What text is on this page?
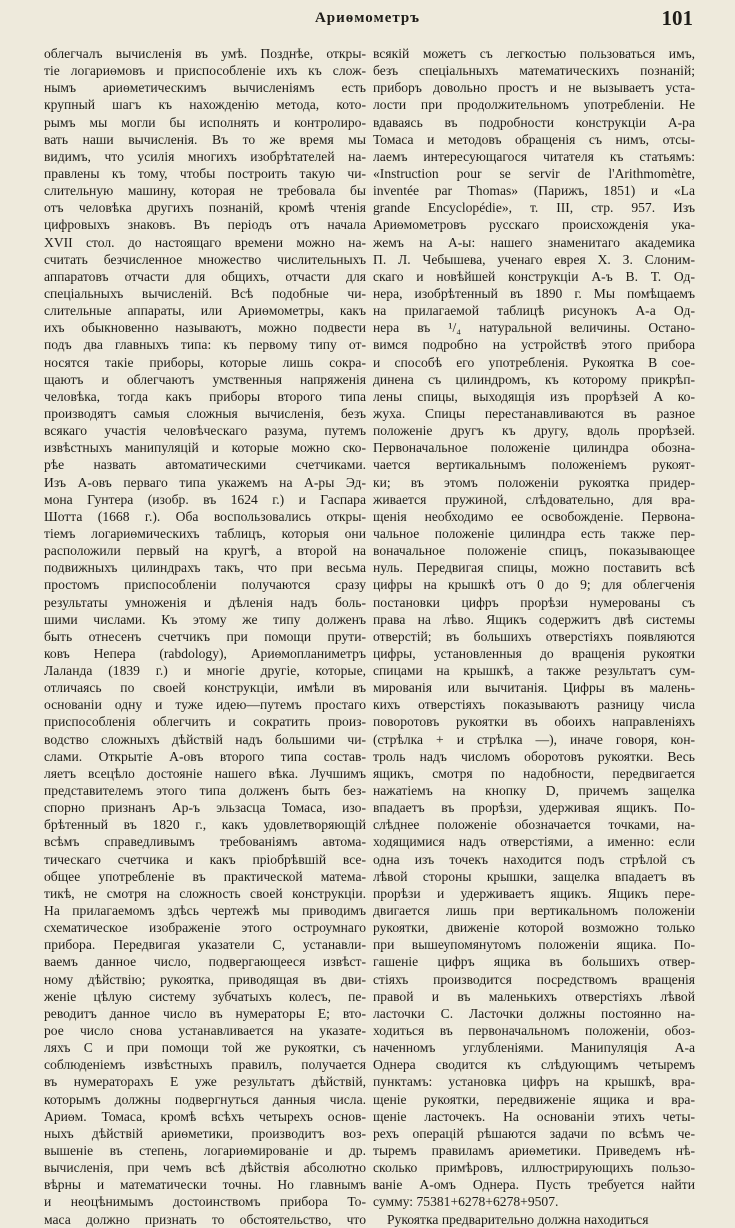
Ариѳмометръ	101
облегчалъ вычисленія въ умѣ. Позднѣе, откры-
тіе логариѳмовъ и приспособленіе ихъ къ слож-
нымъ ариѳметическимъ вычисленіямъ есть
крупный шагъ къ нахожденію метода, кото-
рымъ мы могли бы исполнять и контролиро-
вать наши вычисленія. Въ то же время мы
видимъ, что усилія многихъ изобрѣтателей на-
правлены къ тому, чтобы построить такую чи-
слительную машину, которая не требовала бы
отъ человѣка другихъ познаній, кромѣ чтенія
цифровыхъ знаковъ. Въ періодъ отъ начала
XVII стол. до настоящаго времени можно на-
считать безчисленное множество числительныхъ
аппаратовъ отчасти для общихъ, отчасти для
спеціальныхъ вычисленій. Всѣ подобные чи-
слительные аппараты, или Ариѳмометры, какъ
ихъ обыкновенно называютъ, можно подвести
подъ два главныхъ типа: къ первому типу от-
носятся такіе приборы, которые лишь сокра-
щаютъ и облегчаютъ умственныя напряженія
человѣка, тогда какъ приборы второго типа
производятъ самыя сложныя вычисленія, безъ
всякаго участія человѣческаго разума, путемъ
извѣстныхъ манипуляцій и которые можно ско-
рѣе назвать автоматическими счетчиками.
Изъ А-овъ перваго типа укажемъ на А-ры Эд-
мона Гунтера (изобр. въ 1624 г.) и Гаспара
Шотта (1668 г.). Оба воспользовались откры-
тіемъ логариѳмическихъ таблицъ, которыя они
расположили первый на кругѣ, а второй на
подвижныхъ цилиндрахъ такъ, что при весьма
простомъ приспособленіи получаются сразу
результаты умноженія и дѣленія надъ боль-
шими числами. Къ этому же типу долженъ
быть отнесенъ счетчикъ при помощи прути-
ковъ Непера (rabdology), Ариѳмопланиметръ
Лаланда (1839 г.) и многіе другіе, которые,
отличаясь по своей конструкціи, имѣли въ
основаніи одну и туже идею—путемъ простаго
приспособленія облегчить и сократить произ-
водство сложныхъ дѣйствій надъ большими чи-
слами. Открытіе А-овъ второго типа состав-
ляетъ всецѣло достояніе нашего вѣка. Лучшимъ
представителемъ этого типа долженъ быть без-
спорно признанъ Ар-ъ эльзасца Томаса, изо-
брѣтенный въ 1820 г., какъ удовлетворяющій
всѣмъ справедливымъ требованіямъ автома-
тическаго счетчика и какъ пріобрѣвшій все-
общее употребленіе въ практической матема-
тикѣ, не смотря на сложность своей конструкціи.
На прилагаемомъ здѣсь чертежѣ мы приводимъ
схематическое изображеніе этого остроумнаго
прибора. Передвигая указатели C, устанавли-
ваемъ данное число, подвергающееся извѣст-
ному дѣйствію; рукоятка, приводящая въ дви-
женіе цѣлую систему зубчатыхъ колесъ, пе-
реводитъ данное число въ нумераторы E; вто-
рое число снова устанавливается на указате-
ляхъ C и при помощи той же рукоятки, съ
соблюденіемъ извѣстныхъ правилъ, получается
въ нумераторахъ E уже результатъ дѣйствій,
которымъ должны подвергнуться данныя числа.
Ариѳм. Томаса, кромѣ всѣхъ четырехъ основ-
ныхъ дѣйствій ариѳметики, производитъ воз-
вышеніе въ степень, логариѳмированіе и др.
вычисленія, при чемъ всѣ дѣйствія абсолютно
вѣрны и математически точны. Но главнымъ
и неоцѣнимымъ достоинствомъ прибора То-
маса должно признать то обстоятельство, что
всякій можетъ съ легкостью пользоваться имъ,
безъ спеціальныхъ математическихъ познаній;
приборъ довольно простъ и не вызываетъ уста-
лости при продолжительномъ употребленіи. Не
вдаваясь въ подробности конструкціи А-ра
Томаса и методовъ обращенія съ нимъ, отсы-
лаемъ интересующагося читателя къ статьямъ:
«Instruction pour se servir de l'Arithmomètre,
inventée par Thomas» (Парижъ, 1851) и «La
grande Encyclopédie», т. III, стр. 957. Изъ
Ариѳмометровъ русскаго происхожденія ука-
жемъ на А-ы: нашего знаменитаго академика
П. Л. Чебышева, ученаго еврея Х. З. Слоним-
скаго и новѣйшей конструкціи А-ъ В. Т. Од-
нера, изобрѣтенный въ 1890 г. Мы помѣщаемъ
на прилагаемой таблицѣ рисунокъ А-а Од-
нера въ ¹/₄ натуральной величины. Остано-
вимся подробно на устройствѣ этого прибора
и способѣ его употребленія. Рукоятка B сое-
динена съ цилиндромъ, къ которому прикрѣп-
лены спицы, выходящія изъ прорѣзей A ко-
жуха. Спицы перестанавливаются въ разное
положеніе другъ къ другу, вдоль прорѣзей.
Первоначальное положеніе цилиндра обозна-
чается вертикальнымъ положеніемъ рукоят-
ки; въ этомъ положеніи рукоятка придер-
живается пружиной, слѣдовательно, для вра-
щенія необходимо ее освобожденіе. Первона-
чальное положеніе цилиндра есть также пер-
воначальное положеніе спицъ, показывающее
нуль. Передвигая спицы, можно поставить всѣ
цифры на крышкѣ отъ 0 до 9; для облегченія
постановки цифръ прорѣзи нумерованы съ
права на лѣво. Ящикъ содержитъ двѣ системы
отверстій; въ большихъ отверстіяхъ появляются
цифры, установленныя до вращенія рукоятки
спицами на крышкѣ, а также результатъ сум-
мированія или вычитанія. Цифры въ малень-
кихъ отверстіяхъ показываютъ разницу числа
поворотовъ рукоятки въ обоихъ направленіяхъ
(стрѣлка + и стрѣлка —), иначе говоря, кон-
троль надъ числомъ оборотовъ рукоятки. Весь
ящикъ, смотря по надобности, передвигается
нажатіемъ на кнопку D, причемъ защелка
впадаетъ въ прорѣзи, удерживая ящикъ. По-
слѣднее положеніе обозначается точками, на-
ходящимися надъ отверстіями, а именно: если
одна изъ точекъ находится подъ стрѣлой съ
лѣвой стороны крышки, защелка впадаетъ въ
прорѣзи и удерживаетъ ящикъ. Ящикъ пере-
двигается лишь при вертикальномъ положеніи
рукоятки, движеніе которой возможно только
при вышеупомянутомъ положеніи ящика. По-
гашеніе цифръ ящика въ большихъ отвер-
стіяхъ производится посредствомъ вращенія
правой и въ маленькихъ отверстіяхъ лѣвой
ласточки C. Ласточки должны постоянно на-
ходиться въ первоначальномъ положеніи, обоз-
наченномъ углубленіями. Манипуляція А-а
Однера сводится къ слѣдующимъ четыремъ
пунктамъ: установка цифръ на крышкѣ, вра-
щеніе рукоятки, передвиженіе ящика и вра-
щеніе ласточекъ. На основаніи этихъ четы-
рехъ операцій рѣшаются задачи по всѣмъ че-
тыремъ правиламъ ариѳметики. Приведемъ нѣ-
сколько примѣровъ, иллюстрирующихъ пользо-
ваніе А-омъ Однера. Пусть требуется найти
сумму: 75381+6278+6278+9507.
Рукоятка предварительно должна находиться
